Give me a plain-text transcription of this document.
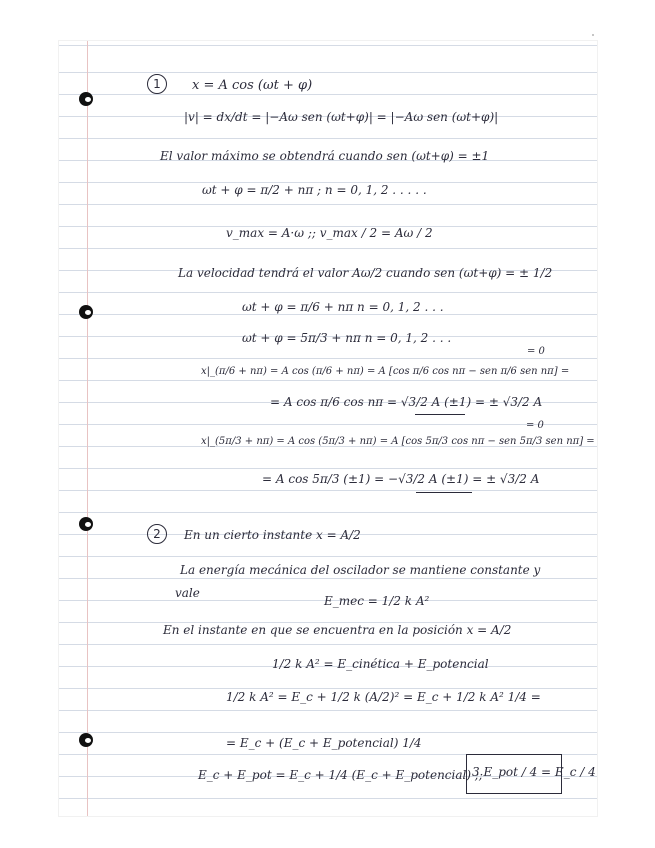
1	x = A cos (ωt + φ)
|v| = dx/dt = |−Aω sen (ωt+φ)| = |−Aω sen (ωt+φ)|
El valor máximo se obtendrá cuando sen (ωt+φ) = ±1
ωt + φ = π/2 + nπ ; n = 0, 1, 2 . . . . .
v_max = A·ω ;; v_max / 2 = Aω / 2
La velocidad tendrá el valor Aω/2 cuando sen (ωt+φ) = ± 1/2
ωt + φ = π/6 + nπ n = 0, 1, 2 . . .
ωt + φ = 5π/3 + nπ n = 0, 1, 2 . . .
= 0
x|_(π/6 + nπ) = A cos (π/6 + nπ) = A [cos π/6 cos nπ − sen π/6 sen nπ] =
= A cos π/6 cos nπ = √3/2 A (±1) = ± √3/2 A
= 0
x|_(5π/3 + nπ) = A cos (5π/3 + nπ) = A [cos 5π/3 cos nπ − sen 5π/3 sen nπ] =
= A cos 5π/3 (±1) = −√3/2 A (±1) = ± √3/2 A
2	En un cierto instante x = A/2
La energía mecánica del oscilador se mantiene constante y
vale
E_mec = 1/2 k A²
En el instante en que se encuentra en la posición x = A/2
1/2 k A² = E_cinética + E_potencial
1/2 k A² = E_c + 1/2 k (A/2)² = E_c + 1/2 k A² 1/4 =
= E_c + (E_c + E_potencial) 1/4
E_c + E_pot = E_c + 1/4 (E_c + E_potencial) ;;
3 E_pot / 4 = E_c / 4
